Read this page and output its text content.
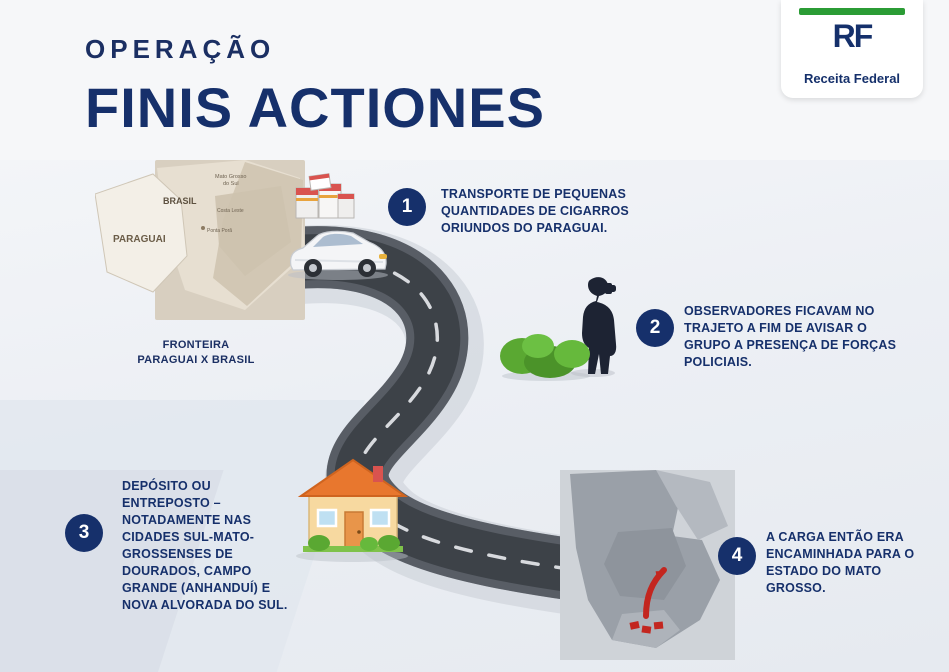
OPERAÇÃO
FINIS ACTIONES
RF
Receita Federal
PARAGUAI
BRASIL
Mato Grosso
do Sul
Costa Leste
Ponta Porã
FRONTEIRA
PARAGUAI X BRASIL
1
TRANSPORTE DE PEQUENAS QUANTIDADES DE CIGARROS ORIUNDOS DO PARAGUAI.
2
OBSERVADORES FICAVAM NO TRAJETO A FIM DE AVISAR O GRUPO A PRESENÇA DE FORÇAS POLICIAIS.
3
DEPÓSITO OU ENTREPOSTO – NOTADAMENTE NAS CIDADES SUL-MATO-GROSSENSES DE DOURADOS, CAMPO GRANDE (ANHANDUÍ) E NOVA ALVORADA DO SUL.
4
A CARGA ENTÃO ERA ENCAMINHADA PARA O ESTADO DO MATO GROSSO.
